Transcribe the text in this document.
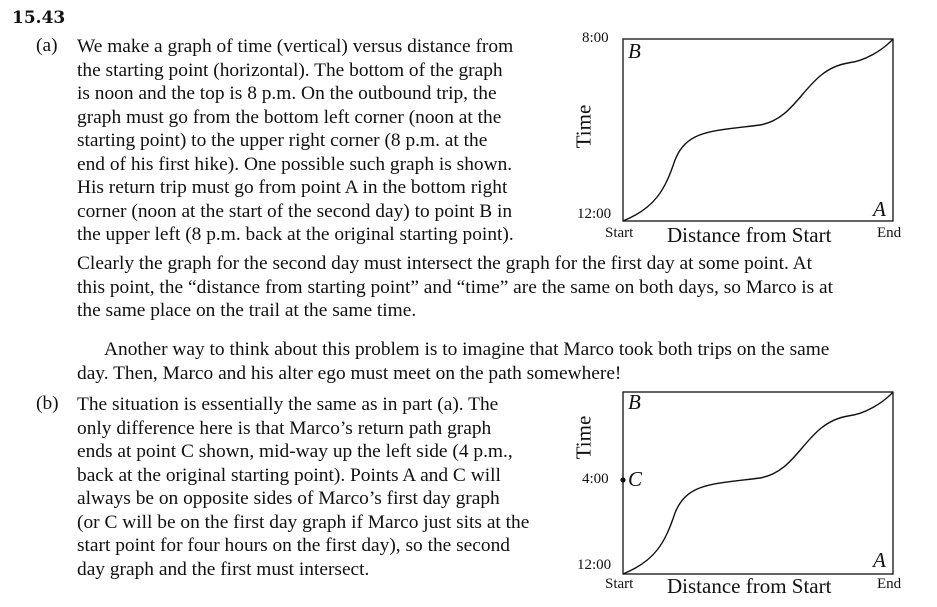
15.43
(a) We make a graph of time (vertical) versus distance from
the starting point (horizontal). The bottom of the graph
is noon and the top is 8 p.m. On the outbound trip, the
graph must go from the bottom left corner (noon at the
starting point) to the upper right corner (8 p.m. at the
end of his first hike). One possible such graph is shown.
His return trip must go from point A in the bottom right
corner (noon at the start of the second day) to point B in
the upper left (8 p.m. back at the original starting point).
Clearly the graph for the second day must intersect the graph for the first day at some point. At
this point, the “distance from starting point” and “time” are the same on both days, so Marco is at
the same place on the trail at the same time.
Another way to think about this problem is to imagine that Marco took both trips on the same
day. Then, Marco and his alter ego must meet on the path somewhere!
(b) The situation is essentially the same as in part (a). The
only difference here is that Marco’s return path graph
ends at point C shown, mid-way up the left side (4 p.m.,
back at the original starting point). Points A and C will
always be on opposite sides of Marco’s first day graph
(or C will be on the first day graph if Marco just sits at the
start point for four hours on the first day), so the second
day graph and the first must intersect.
8:00
12:00
B
A
Time
Start Distance from Start	End
4:00
12:00
B
C
A
Time
Start Distance from Start	End
